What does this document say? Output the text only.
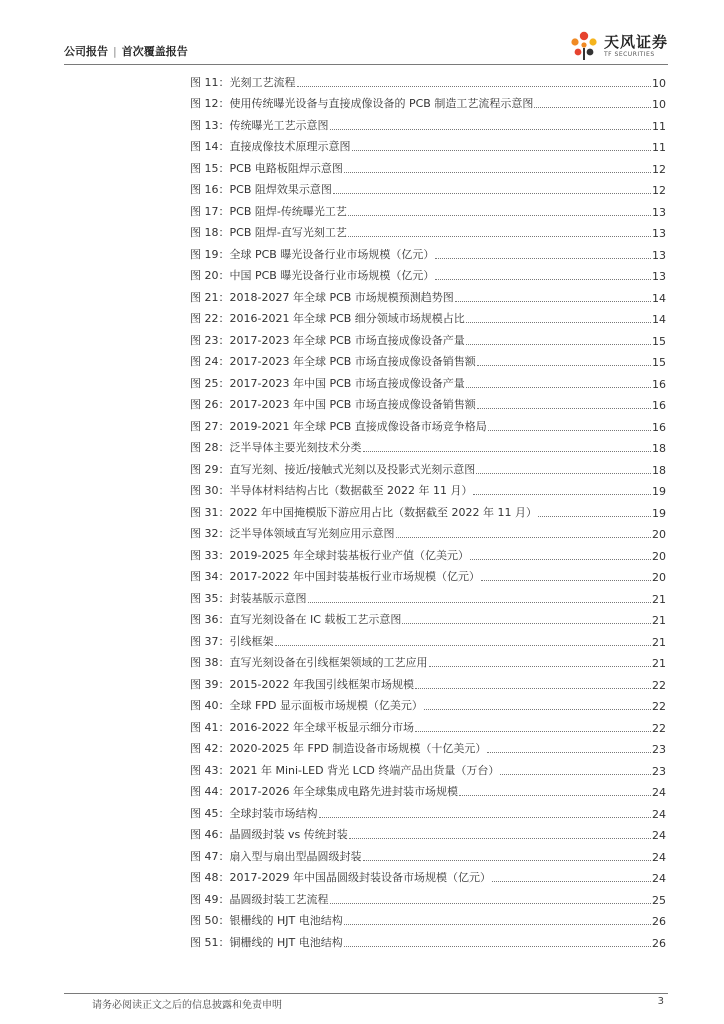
公司报告 | 首次覆盖报告
天风证券
TF SECURITIES
图 11： 光刻工艺流程	10
图 12： 使用传统曝光设备与直接成像设备的 PCB 制造工艺流程示意图	10
图 13： 传统曝光工艺示意图	11
图 14： 直接成像技术原理示意图	11
图 15： PCB 电路板阻焊示意图	12
图 16： PCB 阻焊效果示意图	12
图 17： PCB 阻焊-传统曝光工艺	13
图 18： PCB 阻焊-直写光刻工艺	13
图 19： 全球 PCB 曝光设备行业市场规模（亿元）	13
图 20： 中国 PCB 曝光设备行业市场规模（亿元）	13
图 21： 2018-2027 年全球 PCB 市场规模预测趋势图	14
图 22： 2016-2021 年全球 PCB 细分领域市场规模占比	14
图 23： 2017-2023 年全球 PCB 市场直接成像设备产量	15
图 24： 2017-2023 年全球 PCB 市场直接成像设备销售额	15
图 25： 2017-2023 年中国 PCB 市场直接成像设备产量	16
图 26： 2017-2023 年中国 PCB 市场直接成像设备销售额	16
图 27： 2019-2021 年全球 PCB 直接成像设备市场竞争格局	16
图 28： 泛半导体主要光刻技术分类	18
图 29： 直写光刻、接近/接触式光刻以及投影式光刻示意图	18
图 30： 半导体材料结构占比（数据截至 2022 年 11 月）	19
图 31： 2022 年中国掩模版下游应用占比（数据截至 2022 年 11 月）	19
图 32： 泛半导体领域直写光刻应用示意图	20
图 33： 2019-2025 年全球封装基板行业产值（亿美元）	20
图 34： 2017-2022 年中国封装基板行业市场规模（亿元）	20
图 35： 封装基版示意图	21
图 36： 直写光刻设备在 IC 载板工艺示意图	21
图 37： 引线框架	21
图 38： 直写光刻设备在引线框架领域的工艺应用	21
图 39： 2015-2022 年我国引线框架市场规模	22
图 40： 全球 FPD 显示面板市场规模（亿美元）	22
图 41： 2016-2022 年全球平板显示细分市场	22
图 42： 2020-2025 年 FPD 制造设备市场规模（十亿美元）	23
图 43： 2021 年 Mini-LED 背光 LCD 终端产品出货量（万台）	23
图 44： 2017-2026 年全球集成电路先进封装市场规模	24
图 45： 全球封装市场结构	24
图 46： 晶圆级封装 vs 传统封装	24
图 47： 扇入型与扇出型晶圆级封装	24
图 48： 2017-2029 年中国晶圆级封装设备市场规模（亿元）	24
图 49： 晶圆级封装工艺流程	25
图 50： 银栅线的 HJT 电池结构	26
图 51： 铜栅线的 HJT 电池结构	26
请务必阅读正文之后的信息披露和免责申明	3
